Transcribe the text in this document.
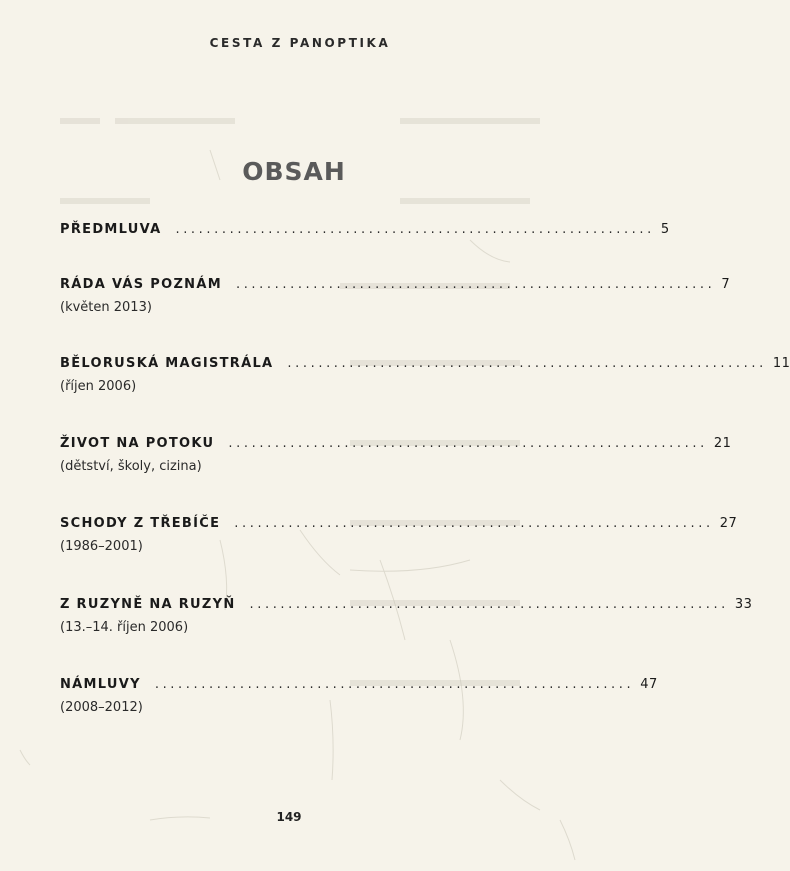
CESTA Z PANOPTIKA
OBSAH
PŘEDMLUVA .............................................................. 5
RÁDA VÁS POZNÁM .............................................................. 7
(květen 2013)
BĚLORUSKÁ MAGISTRÁLA .............................................................. 11
(říjen 2006)
ŽIVOT NA POTOKU .............................................................. 21
(dětství, školy, cizina)
SCHODY Z TŘEBÍČE .............................................................. 27
(1986–2001)
Z RUZYNĚ NA RUZYŇ .............................................................. 33
(13.–14. říjen 2006)
NÁMLUVY .............................................................. 47
(2008–2012)
149
